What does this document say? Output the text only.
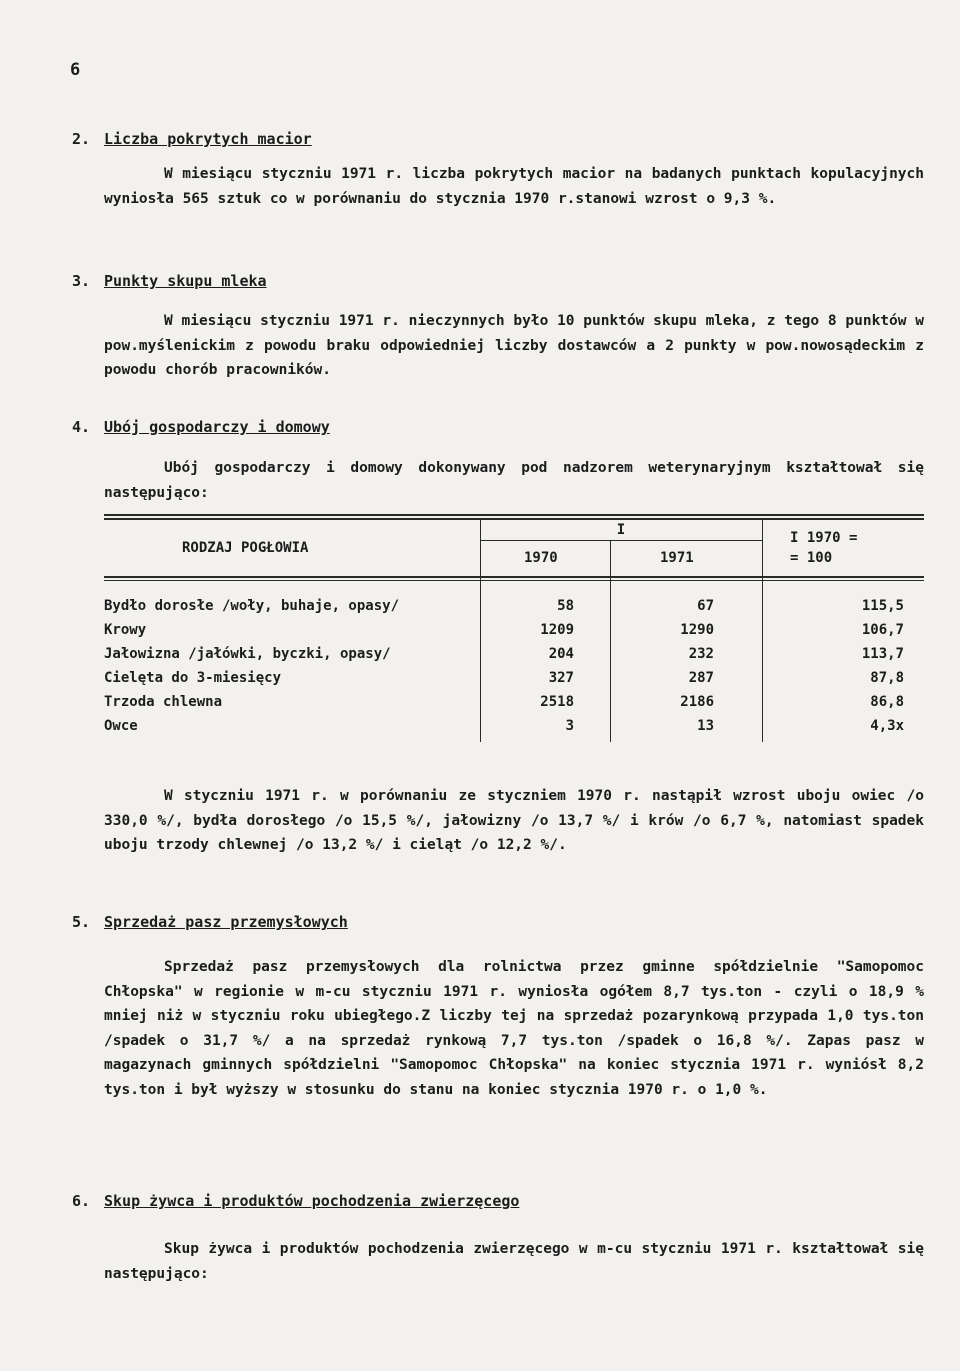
6
2. Liczba pokrytych macior

W miesiącu styczniu 1971 r. liczba pokrytych macior na badanych punktach kopulacyjnych wyniosła 565 sztuk co w porównaniu do stycznia 1970 r.stanowi wzrost o 9,3 %.

3. Punkty skupu mleka

W miesiącu styczniu 1971 r. nieczynnych było 10 punktów skupu mleka, z tego 8 punktów w pow.myślenickim z powodu braku odpowiedniej liczby dostawców a 2 punkty w pow.nowosądeckim z powodu chorób pracowników.

4. Ubój gospodarczy i domowy

Ubój gospodarczy i domowy dokonywany pod nadzorem weterynaryjnym kształtował się następująco:

RODZAJ POGŁOWIA
I
1970	1971
I 1970 =
= 100
Bydło dorosłe /woły, buhaje, opasy/	58	67	115,5
Krowy	1209	1290	106,7
Jałowizna /jałówki, byczki, opasy/	204	232	113,7
Cielęta do 3-miesięcy	327	287	87,8
Trzoda chlewna	2518	2186	86,8
Owce	3	13	4,3x

W styczniu 1971 r. w porównaniu ze styczniem 1970 r. nastąpił wzrost uboju owiec /o 330,0 %/, bydła dorosłego /o 15,5 %/, jałowizny /o 13,7 %/ i krów /o 6,7 %, natomiast spadek uboju trzody chlewnej /o 13,2 %/ i cieląt /o 12,2 %/.

5. Sprzedaż pasz przemysłowych

Sprzedaż pasz przemysłowych dla rolnictwa przez gminne spółdzielnie "Samopomoc Chłopska" w regionie w m-cu styczniu 1971 r. wyniosła ogółem 8,7 tys.ton - czyli o 18,9 % mniej niż w styczniu roku ubiegłego.Z liczby tej na sprzedaż pozarynkową przypada 1,0 tys.ton /spadek o 31,7 %/ a na sprzedaż rynkową 7,7 tys.ton /spadek o 16,8 %/. Zapas pasz w magazynach gminnych spółdzielni "Samopomoc Chłopska" na koniec stycznia 1971 r. wyniósł 8,2 tys.ton i był wyższy w stosunku do stanu na koniec stycznia 1970 r. o 1,0 %.

6. Skup żywca i produktów pochodzenia zwierzęcego

Skup żywca i produktów pochodzenia zwierzęcego w m-cu styczniu 1971 r. kształtował się następująco:
